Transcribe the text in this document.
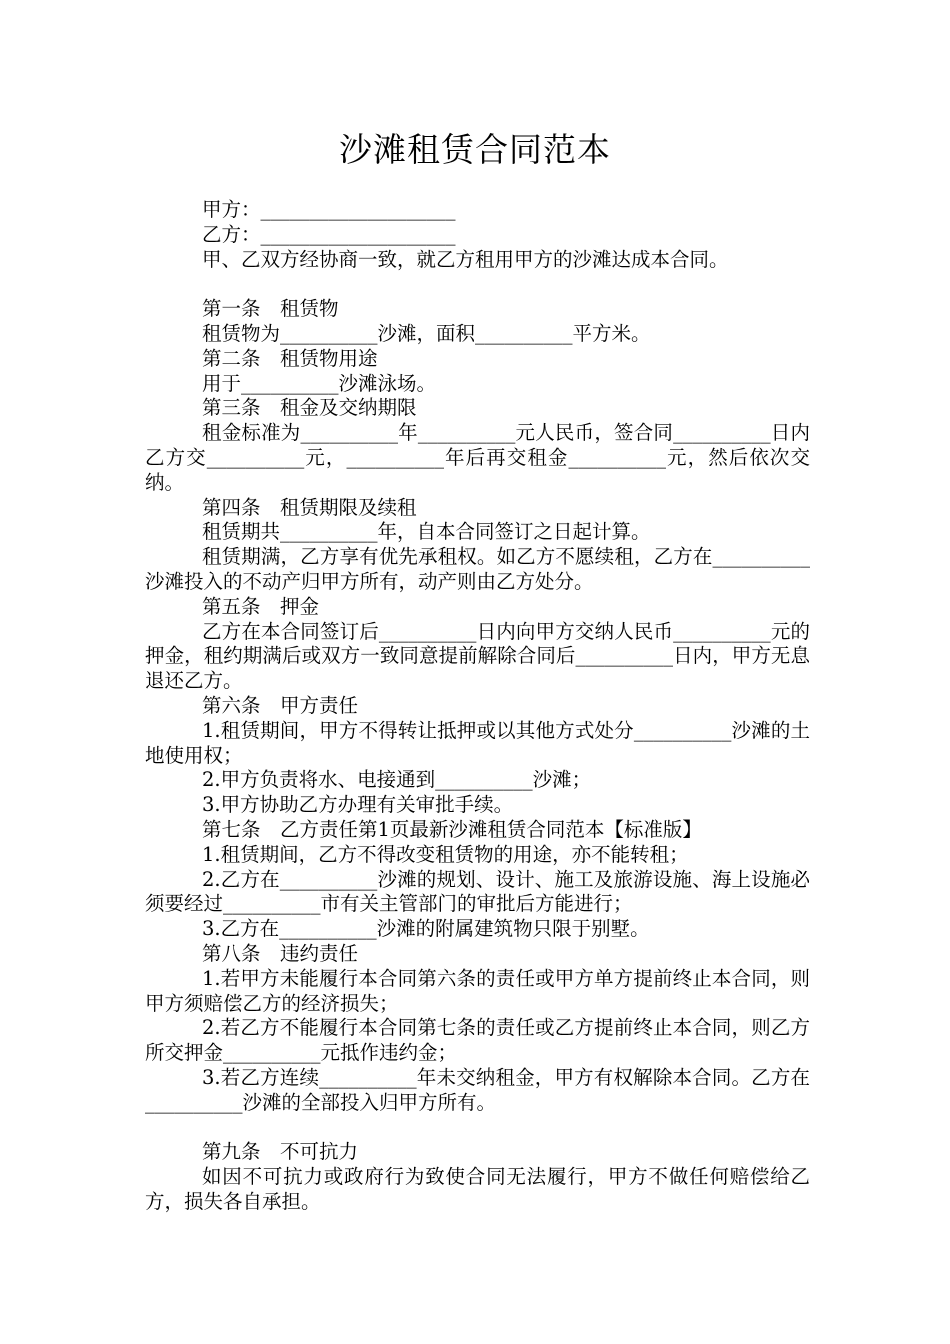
沙滩租赁合同范本
甲方：____________________
乙方：____________________
甲、乙双方经协商一致，就乙方租用甲方的沙滩达成本合同。
第一条　租赁物
租赁物为__________沙滩，面积__________平方米。
第二条　租赁物用途
用于__________沙滩泳场。
第三条　租金及交纳期限
租金标准为__________年__________元人民币，签合同__________日内乙方交__________元，__________年后再交租金__________元，然后依次交纳。
第四条　租赁期限及续租
租赁期共__________年，自本合同签订之日起计算。
租赁期满，乙方享有优先承租权。如乙方不愿续租，乙方在__________沙滩投入的不动产归甲方所有，动产则由乙方处分。
第五条　押金
乙方在本合同签订后__________日内向甲方交纳人民币__________元的押金，租约期满后或双方一致同意提前解除合同后__________日内，甲方无息退还乙方。
第六条　甲方责任
1.租赁期间，甲方不得转让抵押或以其他方式处分__________沙滩的土地使用权；
2.甲方负责将水、电接通到__________沙滩；
3.甲方协助乙方办理有关审批手续。
第七条　乙方责任第1页最新沙滩租赁合同范本【标准版】
1.租赁期间，乙方不得改变租赁物的用途，亦不能转租；
2.乙方在__________沙滩的规划、设计、施工及旅游设施、海上设施必须要经过__________市有关主管部门的审批后方能进行；
3.乙方在__________沙滩的附属建筑物只限于别墅。
第八条　违约责任
1.若甲方未能履行本合同第六条的责任或甲方单方提前终止本合同，则甲方须赔偿乙方的经济损失；
2.若乙方不能履行本合同第七条的责任或乙方提前终止本合同，则乙方所交押金__________元抵作违约金；
3.若乙方连续__________年未交纳租金，甲方有权解除本合同。乙方在__________沙滩的全部投入归甲方所有。
第九条　不可抗力
如因不可抗力或政府行为致使合同无法履行，甲方不做任何赔偿给乙方，损失各自承担。
